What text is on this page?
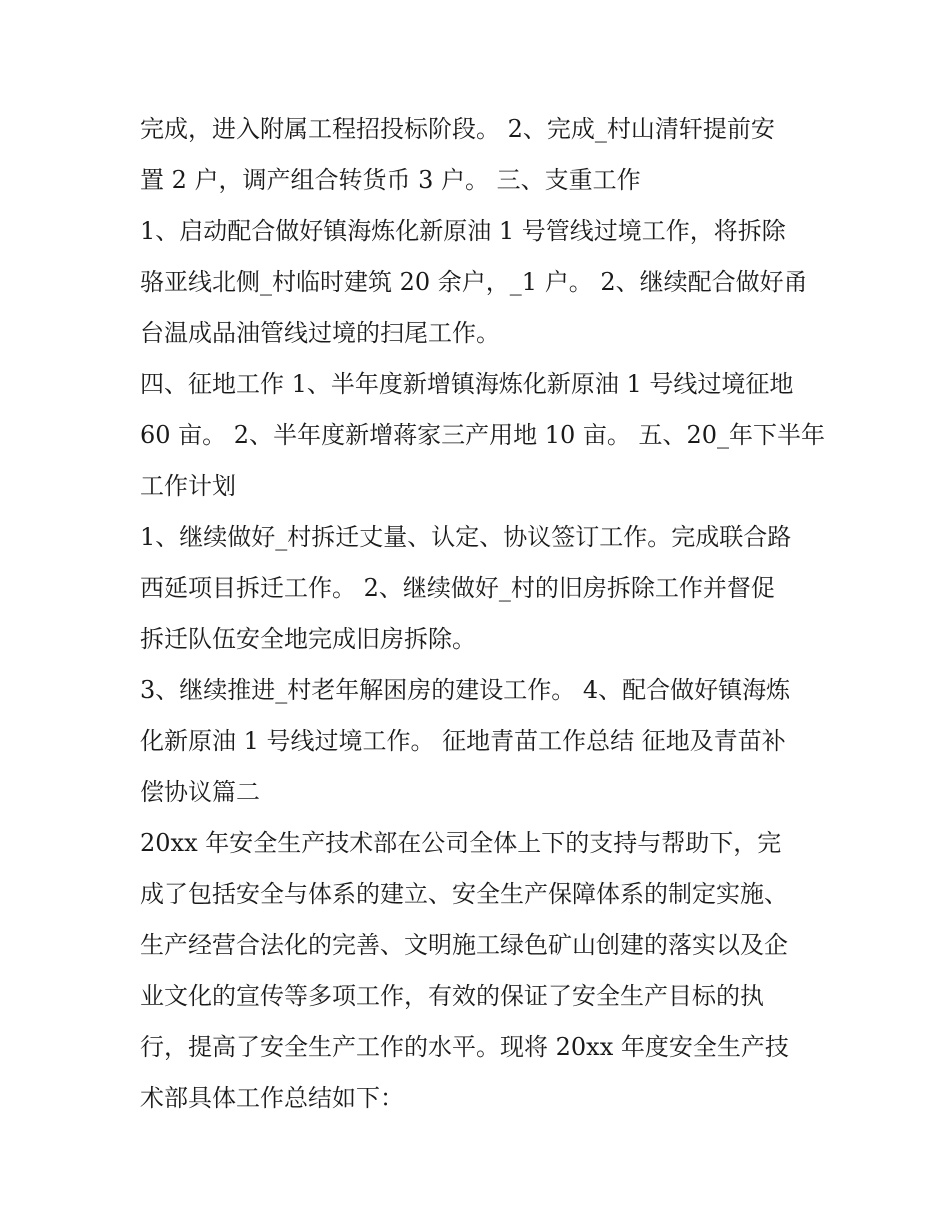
完成，进入附属工程招投标阶段。 2、完成_村山清轩提前安
置 2 户，调产组合转货币 3 户。 三、支重工作
1、启动配合做好镇海炼化新原油 1 号管线过境工作，将拆除
骆亚线北侧_村临时建筑 20 余户，_1 户。 2、继续配合做好甬
台温成品油管线过境的扫尾工作。
四、征地工作 1、半年度新增镇海炼化新原油 1 号线过境征地
60 亩。 2、半年度新增蒋家三产用地 10 亩。 五、20_年下半年
工作计划
1、继续做好_村拆迁丈量、认定、协议签订工作。完成联合路
西延项目拆迁工作。 2、继续做好_村的旧房拆除工作并督促
拆迁队伍安全地完成旧房拆除。
3、继续推进_村老年解困房的建设工作。 4、配合做好镇海炼
化新原油 1 号线过境工作。 征地青苗工作总结 征地及青苗补
偿协议篇二
20xx 年安全生产技术部在公司全体上下的支持与帮助下，完
成了包括安全与体系的建立、安全生产保障体系的制定实施、
生产经营合法化的完善、文明施工绿色矿山创建的落实以及企
业文化的宣传等多项工作，有效的保证了安全生产目标的执
行，提高了安全生产工作的水平。现将 20xx 年度安全生产技
术部具体工作总结如下：
